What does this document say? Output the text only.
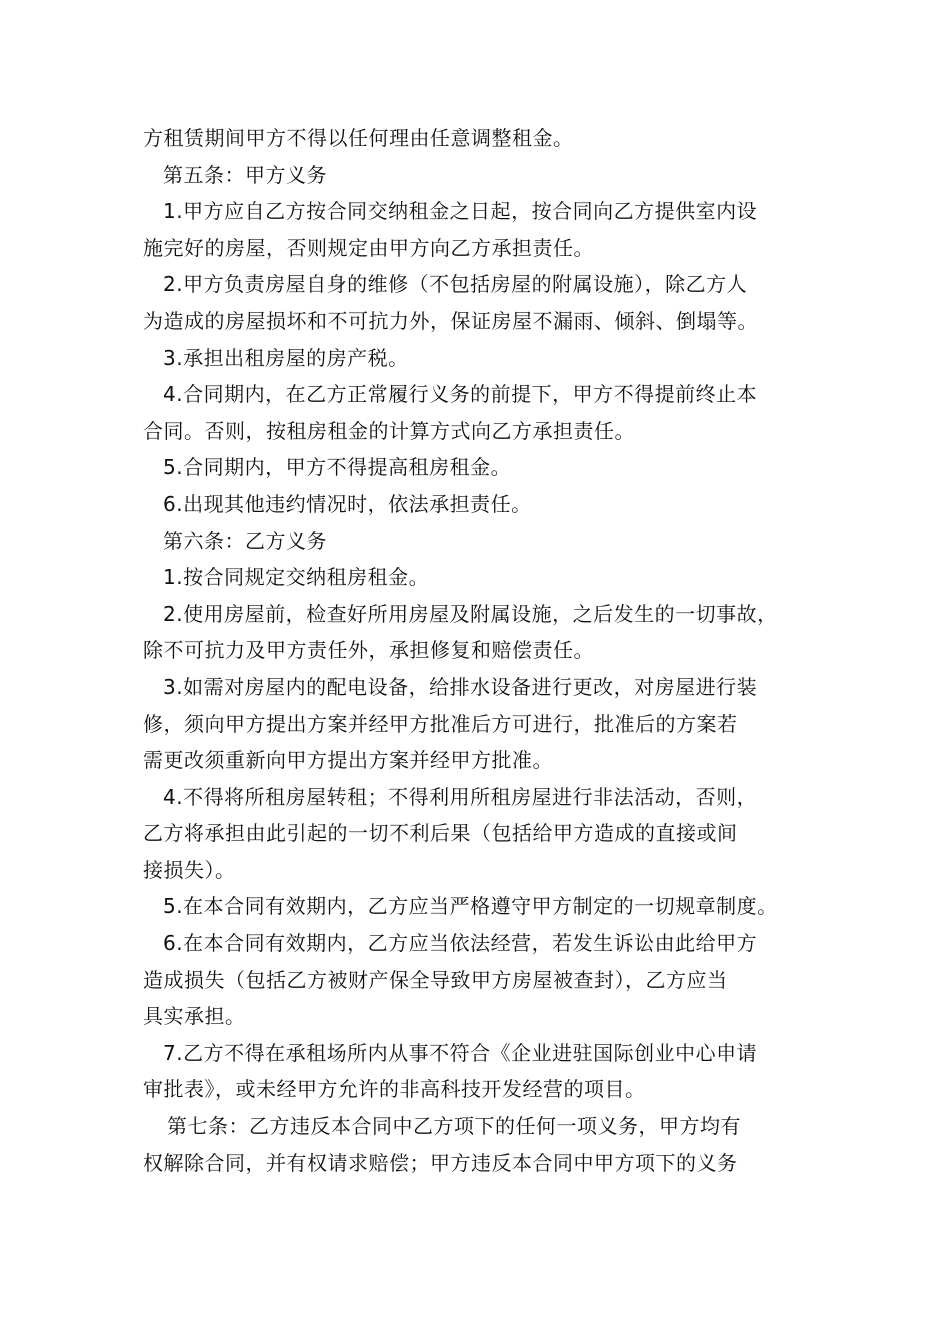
方租赁期间甲方不得以任何理由任意调整租金。
第五条：甲方义务
1.甲方应自乙方按合同交纳租金之日起，按合同向乙方提供室内设
施完好的房屋，否则规定由甲方向乙方承担责任。
2.甲方负责房屋自身的维修（不包括房屋的附属设施），除乙方人
为造成的房屋损坏和不可抗力外，保证房屋不漏雨、倾斜、倒塌等。
3.承担出租房屋的房产税。
4.合同期内，在乙方正常履行义务的前提下，甲方不得提前终止本
合同。否则，按租房租金的计算方式向乙方承担责任。
5.合同期内，甲方不得提高租房租金。
6.出现其他违约情况时，依法承担责任。
第六条：乙方义务
1.按合同规定交纳租房租金。
2.使用房屋前，检查好所用房屋及附属设施，之后发生的一切事故，
除不可抗力及甲方责任外，承担修复和赔偿责任。
3.如需对房屋内的配电设备，给排水设备进行更改，对房屋进行装
修，须向甲方提出方案并经甲方批准后方可进行，批准后的方案若
需更改须重新向甲方提出方案并经甲方批准。
4.不得将所租房屋转租；不得利用所租房屋进行非法活动，否则，
乙方将承担由此引起的一切不利后果（包括给甲方造成的直接或间
接损失）。
5.在本合同有效期内，乙方应当严格遵守甲方制定的一切规章制度。
6.在本合同有效期内，乙方应当依法经营，若发生诉讼由此给甲方
造成损失（包括乙方被财产保全导致甲方房屋被查封），乙方应当
具实承担。
7.乙方不得在承租场所内从事不符合《企业进驻国际创业中心申请
审批表》，或未经甲方允许的非高科技开发经营的项目。
第七条：乙方违反本合同中乙方项下的任何一项义务，甲方均有
权解除合同，并有权请求赔偿；甲方违反本合同中甲方项下的义务
